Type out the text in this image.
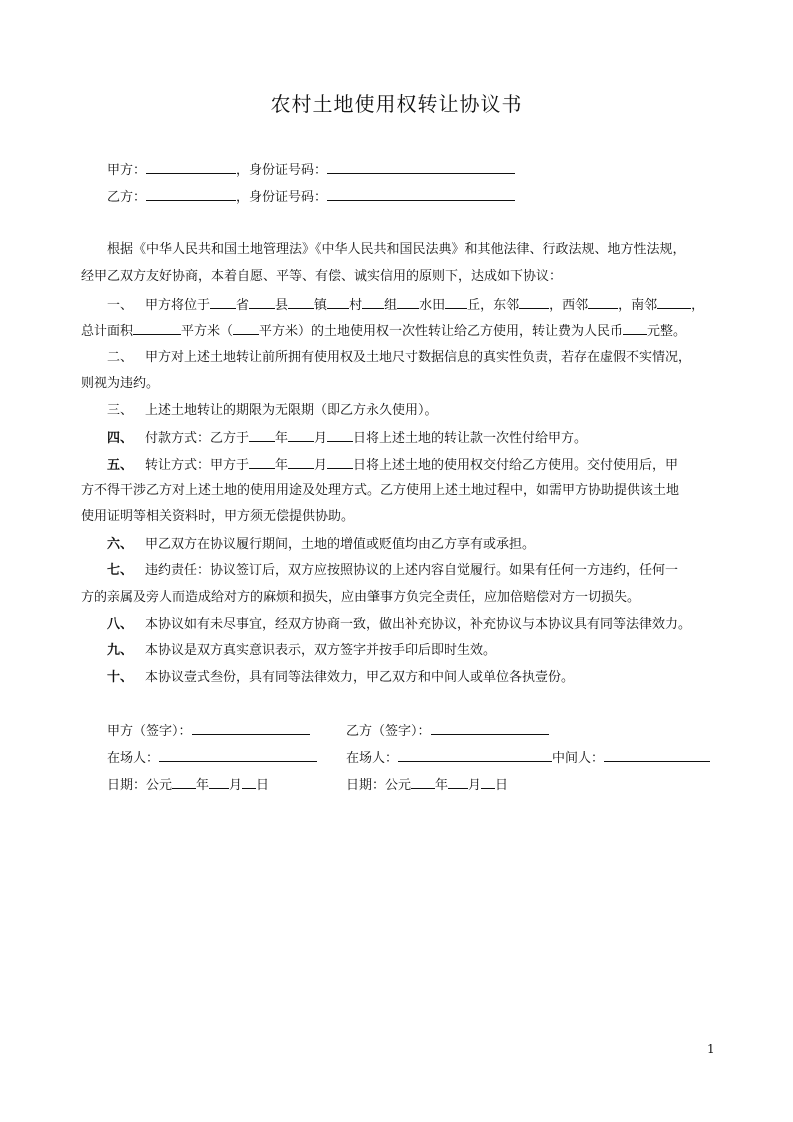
农村土地使用权转让协议书
甲方：	，身份证号码：
乙方：	，身份证号码：
根据《中华人民共和国土地管理法》《中华人民共和国民法典》和其他法律、行政法规、地方性法规，
经甲乙双方友好协商，本着自愿、平等、有偿、诚实信用的原则下，达成如下协议：
一、 甲方将位于 省 县 镇 村 组 水田 丘，东邻 ，西邻 ，南邻	，
总计面积	平方米（ 平方米）的土地使用权一次性转让给乙方使用，转让费为人民币 元整。
二、 甲方对上述土地转让前所拥有使用权及土地尺寸数据信息的真实性负责，若存在虚假不实情况，
则视为违约。
三、 上述土地转让的期限为无限期（即乙方永久使用）。
四、 付款方式：乙方于 年 月 日将上述土地的转让款一次性付给甲方。
五、 转让方式：甲方于 年 月 日将上述土地的使用权交付给乙方使用。交付使用后，甲
方不得干涉乙方对上述土地的使用用途及处理方式。乙方使用上述土地过程中，如需甲方协助提供该土地
使用证明等相关资料时，甲方须无偿提供协助。
六、 甲乙双方在协议履行期间，土地的增值或贬值均由乙方享有或承担。
七、 违约责任：协议签订后，双方应按照协议的上述内容自觉履行。如果有任何一方违约，任何一
方的亲属及旁人而造成给对方的麻烦和损失，应由肇事方负完全责任，应加倍赔偿对方一切损失。
八、 本协议如有未尽事宜，经双方协商一致，做出补充协议，补充协议与本协议具有同等法律效力。
九、 本协议是双方真实意识表示，双方签字并按手印后即时生效。
十、 本协议壹式叁份，具有同等法律效力，甲乙双方和中间人或单位各执壹份。
甲方（签字）：	乙方（签字）：
在场人：	在场人：	中间人：
日期：公元 年 月 日	日期：公元 年 月 日
1
